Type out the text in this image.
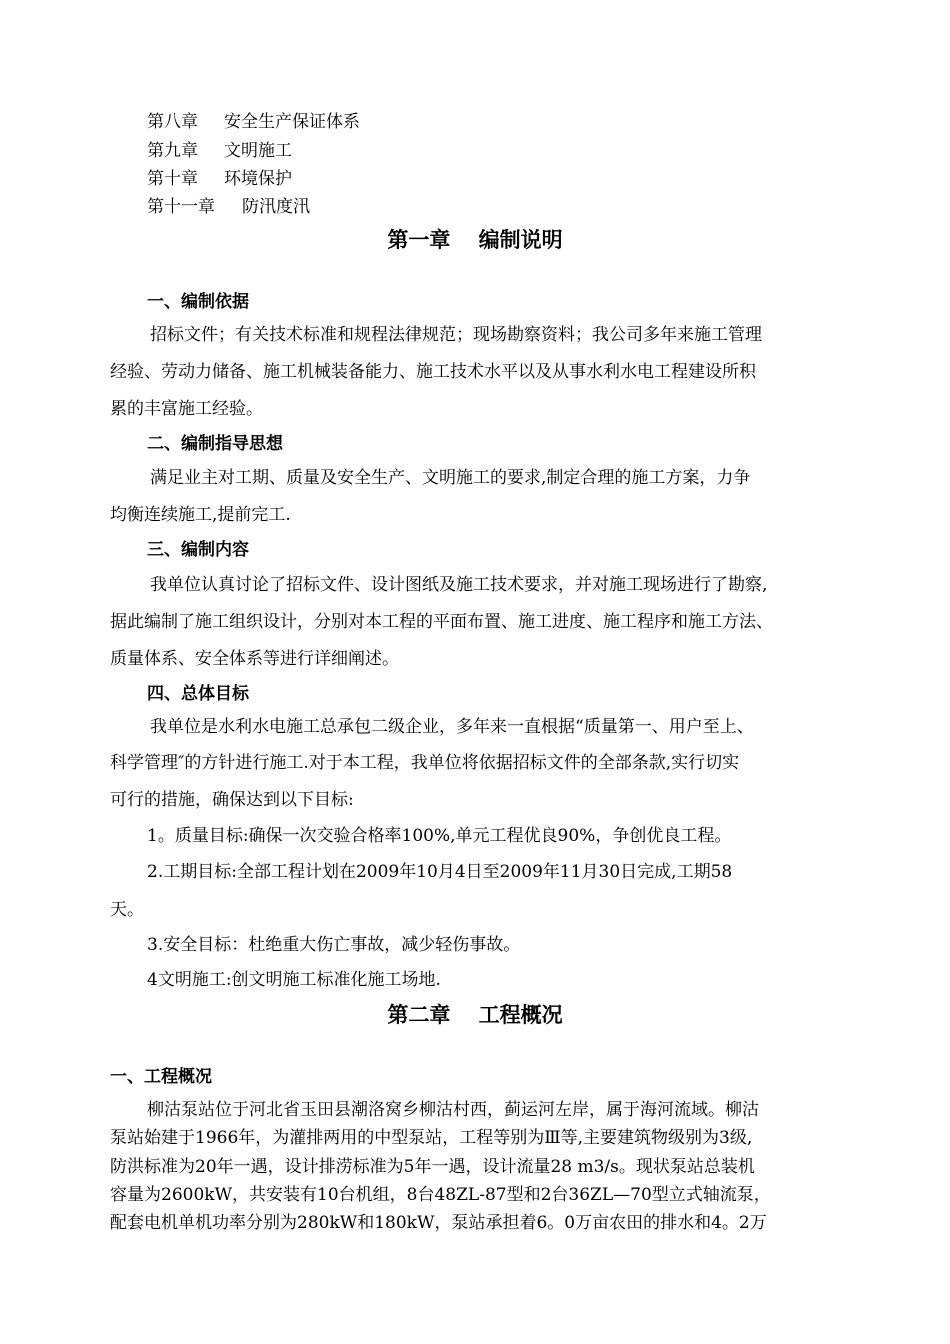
第八章 安全生产保证体系
第九章 文明施工
第十章 环境保护
第十一章 防汛度汛
第一章　 编制说明
一、编制依据
招标文件；有关技术标准和规程法律规范；现场勘察资料；我公司多年来施工管理
经验、劳动力储备、施工机械装备能力、施工技术水平以及从事水利水电工程建设所积
累的丰富施工经验。
二、编制指导思想
满足业主对工期、质量及安全生产、文明施工的要求,制定合理的施工方案，力争
均衡连续施工,提前完工.
三、编制内容
我单位认真讨论了招标文件、设计图纸及施工技术要求，并对施工现场进行了勘察,
据此编制了施工组织设计，分别对本工程的平面布置、施工进度、施工程序和施工方法、
质量体系、安全体系等进行详细阐述。
四、总体目标
我单位是水利水电施工总承包二级企业，多年来一直根据“质量第一、用户至上、
科学管理″的方针进行施工.对于本工程，我单位将依据招标文件的全部条款,实行切实
可行的措施，确保达到以下目标:
1。质量目标:确保一次交验合格率100%,单元工程优良90%，争创优良工程。
2.工期目标:全部工程计划在2009年10月4日至2009年11月30日完成,工期58
天。
3.安全目标：杜绝重大伤亡事故，减少轻伤事故。
4文明施工:创文明施工标准化施工场地.
第二章　 工程概况
一、工程概况
柳沽泵站位于河北省玉田县潮洛窝乡柳沽村西，蓟运河左岸，属于海河流域。柳沽
泵站始建于1966年，为灌排两用的中型泵站，工程等别为Ⅲ等,主要建筑物级别为3级,
防洪标准为20年一遇，设计排涝标准为5年一遇，设计流量28 m3/s。现状泵站总装机
容量为2600kW，共安装有10台机组，8台48ZL-87型和2台36ZL—70型立式轴流泵，
配套电机单机功率分别为280kW和180kW，泵站承担着6。0万亩农田的排水和4。2万
